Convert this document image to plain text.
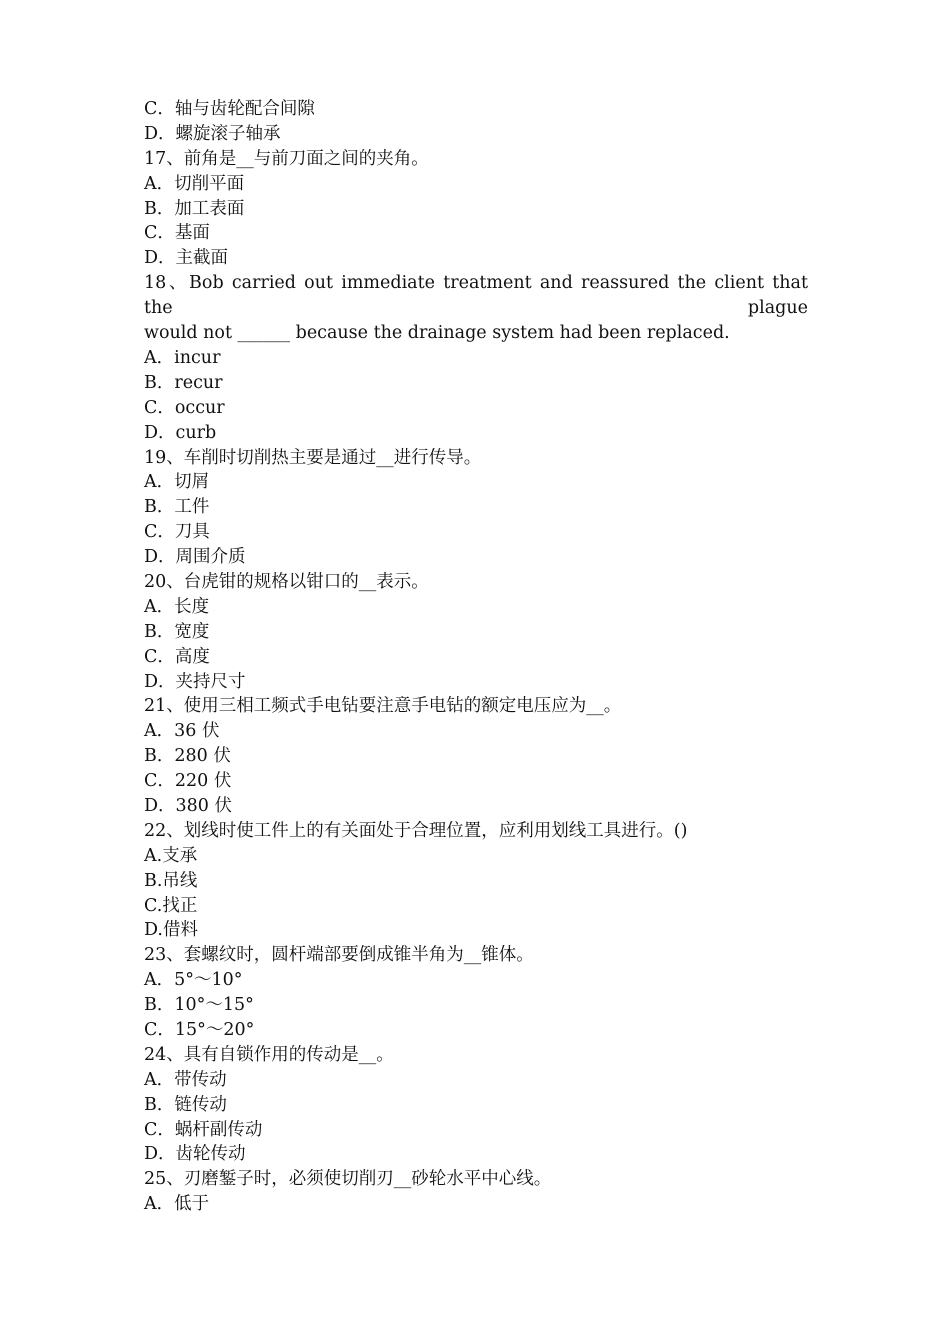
C．轴与齿轮配合间隙
D．螺旋滚子轴承
17、前角是__与前刀面之间的夹角。
A．切削平面
B．加工表面
C．基面
D．主截面
18、Bob carried out immediate treatment and reassured the client that the plague
would not ______ because the drainage system had been replaced.
A．incur
B．recur
C．occur
D．curb
19、车削时切削热主要是通过__进行传导。
A．切屑
B．工件
C．刀具
D．周围介质
20、台虎钳的规格以钳口的__表示。
A．长度
B．宽度
C．高度
D．夹持尺寸
21、使用三相工频式手电钻要注意手电钻的额定电压应为__。
A．36 伏
B．280 伏
C．220 伏
D．380 伏
22、划线时使工件上的有关面处于合理位置，应利用划线工具进行。()
A.支承
B.吊线
C.找正
D.借料
23、套螺纹时，圆杆端部要倒成锥半角为__锥体。
A．5°～10°
B．10°～15°
C．15°～20°
24、具有自锁作用的传动是__。
A．带传动
B．链传动
C．蜗杆副传动
D．齿轮传动
25、刃磨錾子时，必须使切削刃__砂轮水平中心线。
A．低于
